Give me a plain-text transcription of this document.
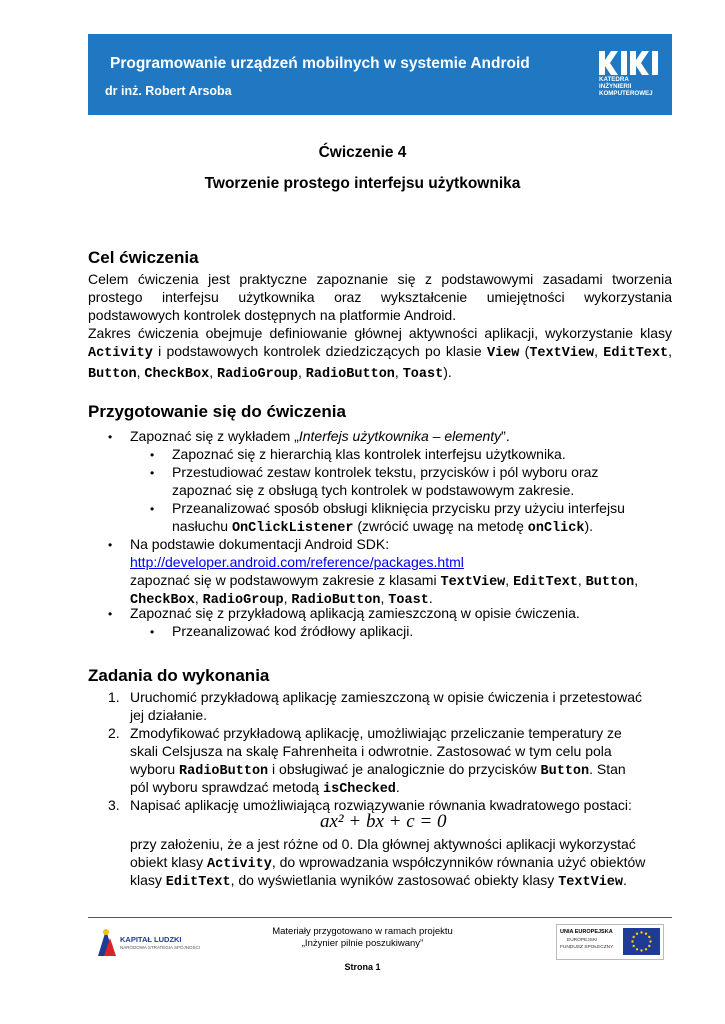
Programowanie urządzeń mobilnych w systemie Android
dr inż. Robert Arsoba
KATEDRA
INŻYNIERII
KOMPUTEROWEJ
Ćwiczenie 4
Tworzenie prostego interfejsu użytkownika
Cel ćwiczenia

Celem ćwiczenia jest praktyczne zapoznanie się z podstawowymi zasadami tworzenia prostego interfejsu użytkownika oraz wykształcenie umiejętności wykorzystania podstawowych kontrolek dostępnych na platformie Android.

Zakres ćwiczenia obejmuje definiowanie głównej aktywności aplikacji, wykorzystanie klasy Activity i podstawowych kontrolek dziedziczących po klasie View (TextView, EditText, Button, CheckBox, RadioGroup, RadioButton, Toast).

Przygotowanie się do ćwiczenia
• Zapoznać się z wykładem „Interfejs użytkownika – elementy”.
• Zapoznać się z hierarchią klas kontrolek interfejsu użytkownika.
• Przestudiować zestaw kontrolek tekstu, przycisków i pól wyboru oraz
zapoznać się z obsługą tych kontrolek w podstawowym zakresie.
• Przeanalizować sposób obsługi kliknięcia przycisku przy użyciu interfejsu
nasłuchu OnClickListener (zwrócić uwagę na metodę onClick).
• Na podstawie dokumentacji Android SDK:
http://developer.android.com/reference/packages.html
zapoznać się w podstawowym zakresie z klasami TextView, EditText, Button,
CheckBox, RadioGroup, RadioButton, Toast.
• Zapoznać się z przykładową aplikacją zamieszczoną w opisie ćwiczenia.
• Przeanalizować kod źródłowy aplikacji.
Zadania do wykonania
1. Uruchomić przykładową aplikację zamieszczoną w opisie ćwiczenia i przetestować
jej działanie.
2. Zmodyfikować przykładową aplikację, umożliwiając przeliczanie temperatury ze
skali Celsjusza na skalę Fahrenheita i odwrotnie. Zastosować w tym celu pola
wyboru RadioButton i obsługiwać je analogicznie do przycisków Button. Stan
pól wyboru sprawdzać metodą isChecked.
3. Napisać aplikację umożliwiającą rozwiązywanie równania kwadratowego postaci:
ax² + bx + c = 0
przy założeniu, że a jest różne od 0. Dla głównej aktywności aplikacji wykorzystać
obiekt klasy Activity, do wprowadzania współczynników równania użyć obiektów
klasy EditText, do wyświetlania wyników zastosować obiekty klasy TextView.
KAPITAŁ LUDZKI
NARODOWA STRATEGIA SPÓJNOŚCI
Materiały przygotowano w ramach projektu
„Inżynier pilnie poszukiwany”
Strona 1
UNIA EUROPEJSKA
EUROPEJSKI
FUNDUSZ SPOŁECZNY
